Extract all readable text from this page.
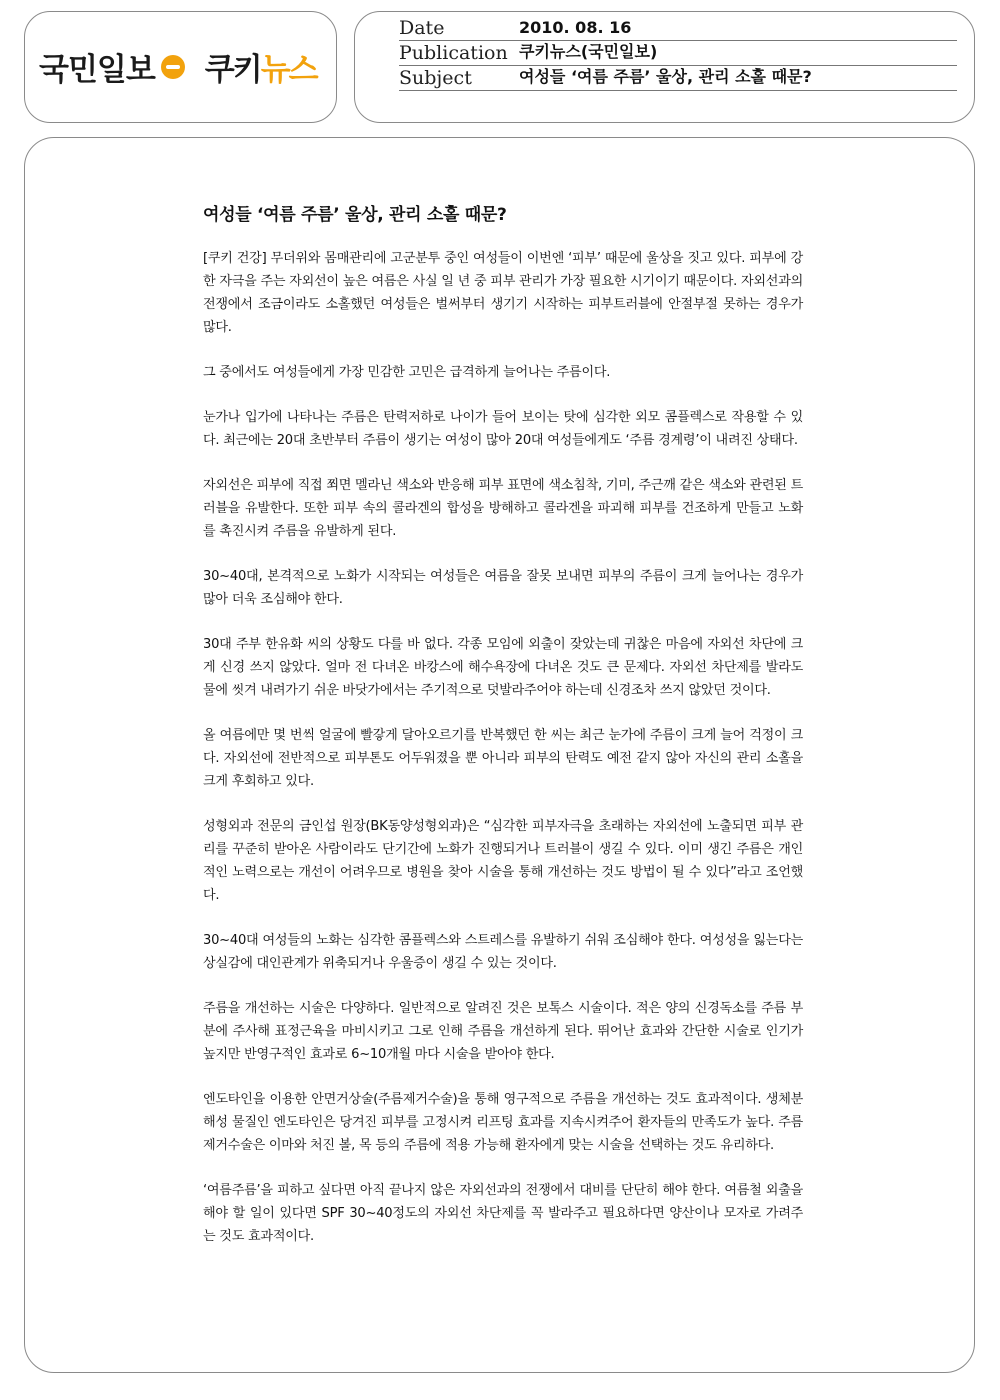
국민일보 쿠키뉴스
Date	2010. 08. 16
Publication 쿠키뉴스(국민일보)
Subject	여성들 ‘여름 주름’ 울상, 관리 소홀 때문?
여성들 ‘여름 주름’ 울상, 관리 소홀 때문?

[쿠키 건강] 무더위와 몸매관리에 고군분투 중인 여성들이 이번엔 ‘피부’ 때문에 울상을 짓고 있다. 피부에 강한 자극을 주는 자외선이 높은 여름은 사실 일 년 중 피부 관리가 가장 필요한 시기이기 때문이다. 자외선과의 전쟁에서 조금이라도 소홀했던 여성들은 벌써부터 생기기 시작하는 피부트러블에 안절부절 못하는 경우가 많다.

그 중에서도 여성들에게 가장 민감한 고민은 급격하게 늘어나는 주름이다.

눈가나 입가에 나타나는 주름은 탄력저하로 나이가 들어 보이는 탓에 심각한 외모 콤플렉스로 작용할 수 있다. 최근에는 20대 초반부터 주름이 생기는 여성이 많아 20대 여성들에게도 ‘주름 경계령’이 내려진 상태다.

자외선은 피부에 직접 쬐면 멜라닌 색소와 반응해 피부 표면에 색소침착, 기미, 주근깨 같은 색소와 관련된 트러블을 유발한다. 또한 피부 속의 콜라겐의 합성을 방해하고 콜라겐을 파괴해 피부를 건조하게 만들고 노화를 촉진시켜 주름을 유발하게 된다.

30~40대, 본격적으로 노화가 시작되는 여성들은 여름을 잘못 보내면 피부의 주름이 크게 늘어나는 경우가 많아 더욱 조심해야 한다.

30대 주부 한유화 씨의 상황도 다를 바 없다. 각종 모임에 외출이 잦았는데 귀찮은 마음에 자외선 차단에 크게 신경 쓰지 않았다. 얼마 전 다녀온 바캉스에 해수욕장에 다녀온 것도 큰 문제다. 자외선 차단제를 발라도 물에 씻겨 내려가기 쉬운 바닷가에서는 주기적으로 덧발라주어야 하는데 신경조차 쓰지 않았던 것이다.

올 여름에만 몇 번씩 얼굴에 빨갛게 달아오르기를 반복했던 한 씨는 최근 눈가에 주름이 크게 늘어 걱정이 크다. 자외선에 전반적으로 피부톤도 어두워졌을 뿐 아니라 피부의 탄력도 예전 같지 않아 자신의 관리 소홀을 크게 후회하고 있다.

성형외과 전문의 금인섭 원장(BK동양성형외과)은 “심각한 피부자극을 초래하는 자외선에 노출되면 피부 관리를 꾸준히 받아온 사람이라도 단기간에 노화가 진행되거나 트러블이 생길 수 있다. 이미 생긴 주름은 개인적인 노력으로는 개선이 어려우므로 병원을 찾아 시술을 통해 개선하는 것도 방법이 될 수 있다”라고 조언했다.

30~40대 여성들의 노화는 심각한 콤플렉스와 스트레스를 유발하기 쉬워 조심해야 한다. 여성성을 잃는다는 상실감에 대인관계가 위축되거나 우울증이 생길 수 있는 것이다.

주름을 개선하는 시술은 다양하다. 일반적으로 알려진 것은 보톡스 시술이다. 적은 양의 신경독소를 주름 부분에 주사해 표정근육을 마비시키고 그로 인해 주름을 개선하게 된다. 뛰어난 효과와 간단한 시술로 인기가 높지만 반영구적인 효과로 6~10개월 마다 시술을 받아야 한다.

엔도타인을 이용한 안면거상술(주름제거수술)을 통해 영구적으로 주름을 개선하는 것도 효과적이다. 생체분해성 물질인 엔도타인은 당겨진 피부를 고정시켜 리프팅 효과를 지속시켜주어 환자들의 만족도가 높다. 주름제거수술은 이마와 처진 볼, 목 등의 주름에 적용 가능해 환자에게 맞는 시술을 선택하는 것도 유리하다.

‘여름주름’을 피하고 싶다면 아직 끝나지 않은 자외선과의 전쟁에서 대비를 단단히 해야 한다. 여름철 외출을 해야 할 일이 있다면 SPF 30~40정도의 자외선 차단제를 꼭 발라주고 필요하다면 양산이나 모자로 가려주는 것도 효과적이다.
